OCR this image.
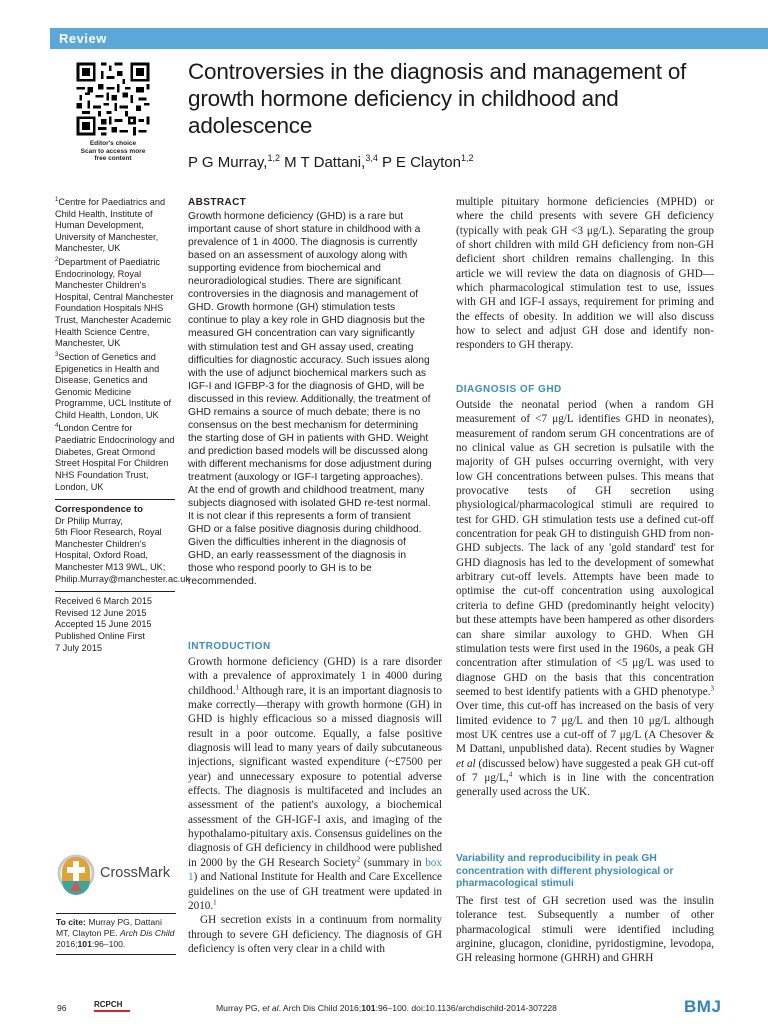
Review
Editor's choice
Scan to access more
free content
Controversies in the diagnosis and management of growth hormone deficiency in childhood and adolescence
P G Murray,$^{1,2}$ M T Dattani,$^{3,4}$ P E Clayton$^{1,2}$

$^1$Centre for Paediatrics and Child Health, Institute of Human Development, University of Manchester, Manchester, UK

$^2$Department of Paediatric Endocrinology, Royal Manchester Children's Hospital, Central Manchester Foundation Hospitals NHS Trust, Manchester Academic Health Science Centre, Manchester, UK

$^3$Section of Genetics and Epigenetics in Health and Disease, Genetics and Genomic Medicine Programme, UCL Institute of Child Health, London, UK

$^4$London Centre for Paediatric Endocrinology and Diabetes, Great Ormond Street Hospital For Children NHS Foundation Trust, London, UK

Correspondence to
Dr Philip Murray,
5th Floor Research, Royal Manchester Children's Hospital, Oxford Road, Manchester M13 9WL, UK;
Philip.Murray@manchester.ac.uk

Received 6 March 2015

Revised 12 June 2015

Accepted 15 June 2015

Published Online First

7 July 2015

CrossMark
To cite: Murray PG, Dattani MT, Clayton PE. Arch Dis Child 2016;101:96–100.
ABSTRACT
Growth hormone deficiency (GHD) is a rare but important cause of short stature in childhood with a prevalence of 1 in 4000. The diagnosis is currently based on an assessment of auxology along with supporting evidence from biochemical and neuroradiological studies. There are significant controversies in the diagnosis and management of GHD. Growth hormone (GH) stimulation tests continue to play a key role in GHD diagnosis but the measured GH concentration can vary significantly with stimulation test and GH assay used, creating difficulties for diagnostic accuracy. Such issues along with the use of adjunct biochemical markers such as IGF-I and IGFBP-3 for the diagnosis of GHD, will be discussed in this review. Additionally, the treatment of GHD remains a source of much debate; there is no consensus on the best mechanism for determining the starting dose of GH in patients with GHD. Weight and prediction based models will be discussed along with different mechanisms for dose adjustment during treatment (auxology or IGF-I targeting approaches). At the end of growth and childhood treatment, many subjects diagnosed with isolated GHD re-test normal. It is not clear if this represents a form of transient GHD or a false positive diagnosis during childhood. Given the difficulties inherent in the diagnosis of GHD, an early reassessment of the diagnosis in those who respond poorly to GH is to be recommended.
INTRODUCTION

Growth hormone deficiency (GHD) is a rare disorder with a prevalence of approximately 1 in 4000 during childhood.$^1$ Although rare, it is an important diagnosis to make correctly—therapy with growth hormone (GH) in GHD is highly efficacious so a missed diagnosis will result in a poor outcome. Equally, a false positive diagnosis will lead to many years of daily subcutaneous injections, significant wasted expenditure (~£7500 per year) and unnecessary exposure to potential adverse effects. The diagnosis is multifaceted and includes an assessment of the patient's auxology, a biochemical assessment of the GH-IGF-I axis, and imaging of the hypothalamo-pituitary axis. Consensus guidelines on the diagnosis of GH deficiency in childhood were published in 2000 by the GH Research Society$^2$ (summary in box 1) and National Institute for Health and Care Excellence guidelines on the use of GH treatment were updated in 2010.$^1$

GH secretion exists in a continuum from normality through to severe GH deficiency. The diagnosis of GH deficiency is often very clear in a child with

multiple pituitary hormone deficiencies (MPHD) or where the child presents with severe GH deficiency (typically with peak GH <3 μg/L). Separating the group of short children with mild GH deficiency from non-GH deficient short children remains challenging. In this article we will review the data on diagnosis of GHD—which pharmacological stimulation test to use, issues with GH and IGF-I assays, requirement for priming and the effects of obesity. In addition we will also discuss how to select and adjust GH dose and identify non-responders to GH therapy.
DIAGNOSIS OF GHD
Outside the neonatal period (when a random GH measurement of <7 μg/L identifies GHD in neonates), measurement of random serum GH concentrations are of no clinical value as GH secretion is pulsatile with the majority of GH pulses occurring overnight, with very low GH concentrations between pulses. This means that provocative tests of GH secretion using physiological/pharmacological stimuli are required to test for GHD. GH stimulation tests use a defined cut-off concentration for peak GH to distinguish GHD from non-GHD subjects. The lack of any 'gold standard' test for GHD diagnosis has led to the development of somewhat arbitrary cut-off levels. Attempts have been made to optimise the cut-off concentration using auxological criteria to define GHD (predominantly height velocity) but these attempts have been hampered as other disorders can share similar auxology to GHD. When GH stimulation tests were first used in the 1960s, a peak GH concentration after stimulation of <5 μg/L was used to diagnose GHD on the basis that this concentration seemed to best identify patients with a GHD phenotype.$^3$ Over time, this cut-off has increased on the basis of very limited evidence to 7 μg/L and then 10 μg/L although most UK centres use a cut-off of 7 μg/L (A Chesover & M Dattani, unpublished data). Recent studies by Wagner et al (discussed below) have suggested a peak GH cut-off of 7 μg/L,$^4$ which is in line with the concentration generally used across the UK.
Variability and reproducibility in peak GH concentration with different physiological or pharmacological stimuli
The first test of GH secretion used was the insulin tolerance test. Subsequently a number of other pharmacological stimuli were identified including arginine, glucagon, clonidine, pyridostigmine, levodopa, GH releasing hormone (GHRH) and GHRH
96	RCPCH	Murray PG, et al. Arch Dis Child 2016;101:96–100. doi:10.1136/archdischild-2014-307228	BMJ
